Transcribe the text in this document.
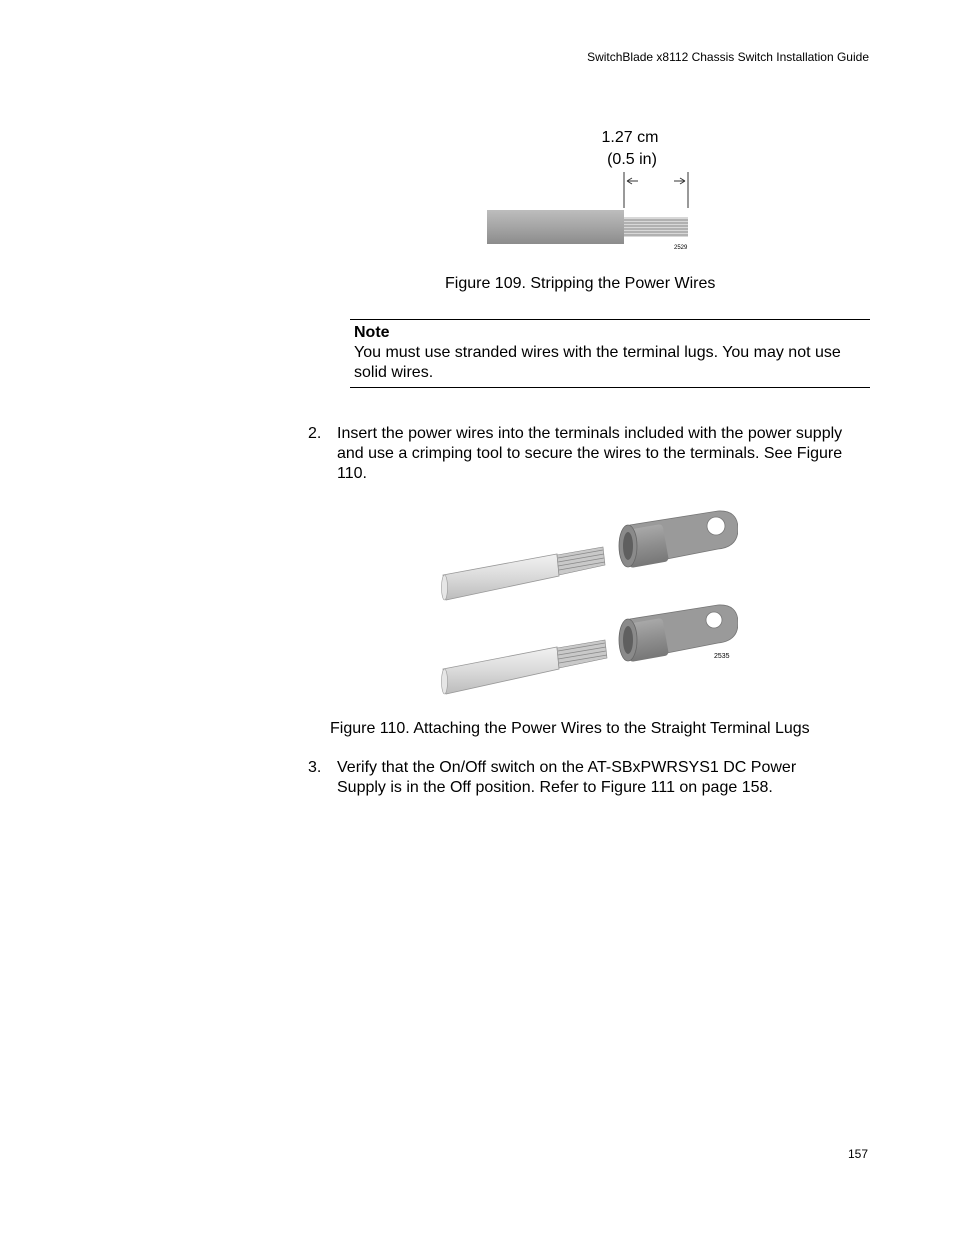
SwitchBlade x8112 Chassis Switch Installation Guide
1.27 cm
(0.5 in)
2529
Figure 109. Stripping the Power Wires
Note
You must use stranded wires with the terminal lugs. You may not use solid wires.
2. Insert the power wires into the terminals included with the power supply and use a crimping tool to secure the wires to the terminals. See Figure 110.
2535
Figure 110. Attaching the Power Wires to the Straight Terminal Lugs
3. Verify that the On/Off switch on the AT-SBxPWRSYS1 DC Power Supply is in the Off position. Refer to Figure 111 on page 158.
157
